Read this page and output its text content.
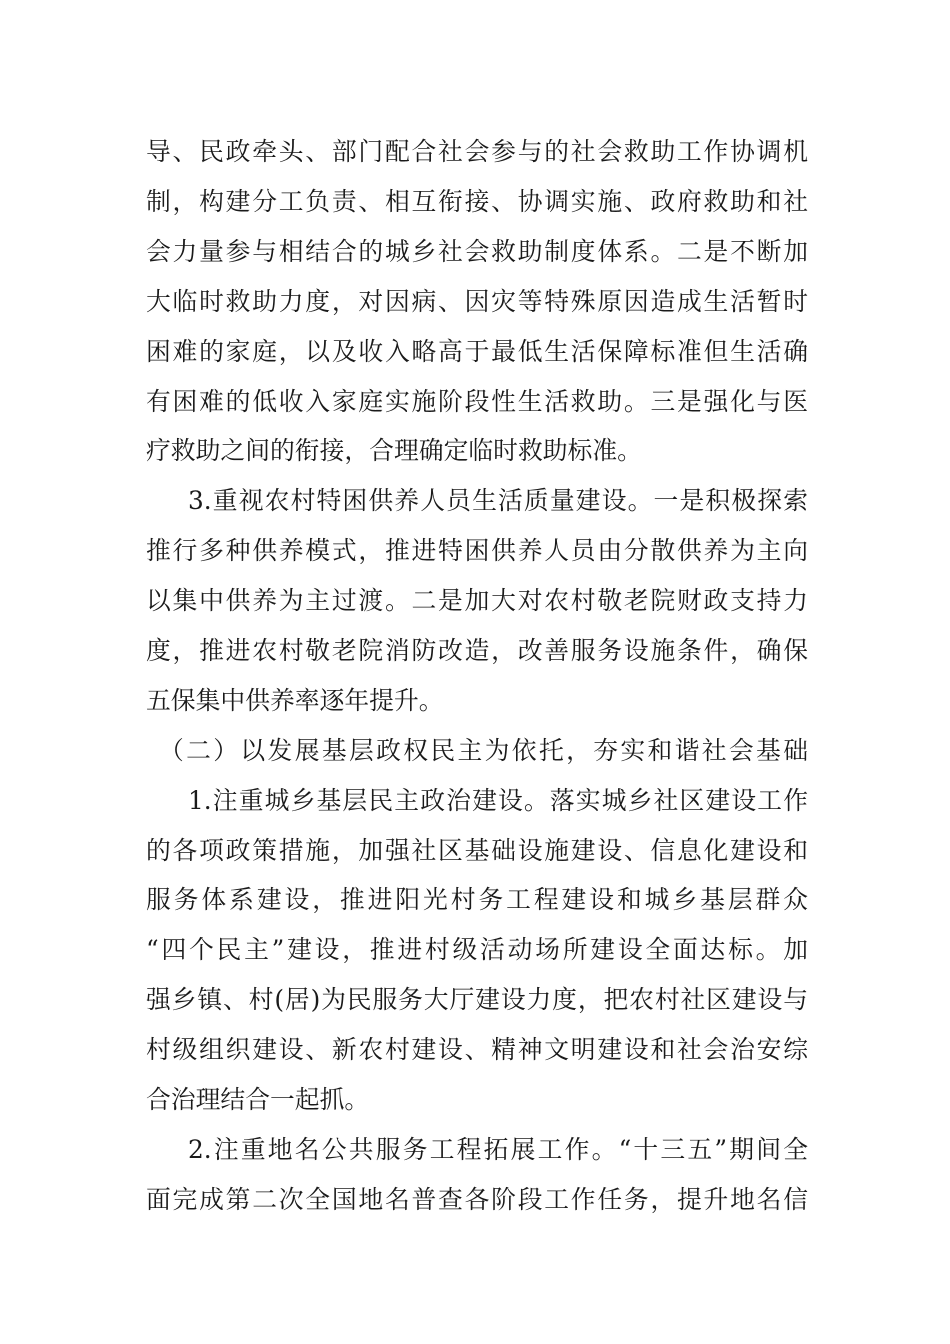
导、民政牵头、部门配合社会参与的社会救助工作协调机
制，构建分工负责、相互衔接、协调实施、政府救助和社
会力量参与相结合的城乡社会救助制度体系。二是不断加
大临时救助力度，对因病、因灾等特殊原因造成生活暂时
困难的家庭，以及收入略高于最低生活保障标准但生活确
有困难的低收入家庭实施阶段性生活救助。三是强化与医
疗救助之间的衔接，合理确定临时救助标准。
3.重视农村特困供养人员生活质量建设。一是积极探索
推行多种供养模式，推进特困供养人员由分散供养为主向
以集中供养为主过渡。二是加大对农村敬老院财政支持力
度，推进农村敬老院消防改造，改善服务设施条件，确保
五保集中供养率逐年提升。
（二）以发展基层政权民主为依托，夯实和谐社会基础
1.注重城乡基层民主政治建设。落实城乡社区建设工作
的各项政策措施，加强社区基础设施建设、信息化建设和
服务体系建设，推进阳光村务工程建设和城乡基层群众
“四个民主”建设，推进村级活动场所建设全面达标。加
强乡镇、村(居)为民服务大厅建设力度，把农村社区建设与
村级组织建设、新农村建设、精神文明建设和社会治安综
合治理结合一起抓。
2.注重地名公共服务工程拓展工作。“十三五”期间全
面完成第二次全国地名普查各阶段工作任务，提升地名信
